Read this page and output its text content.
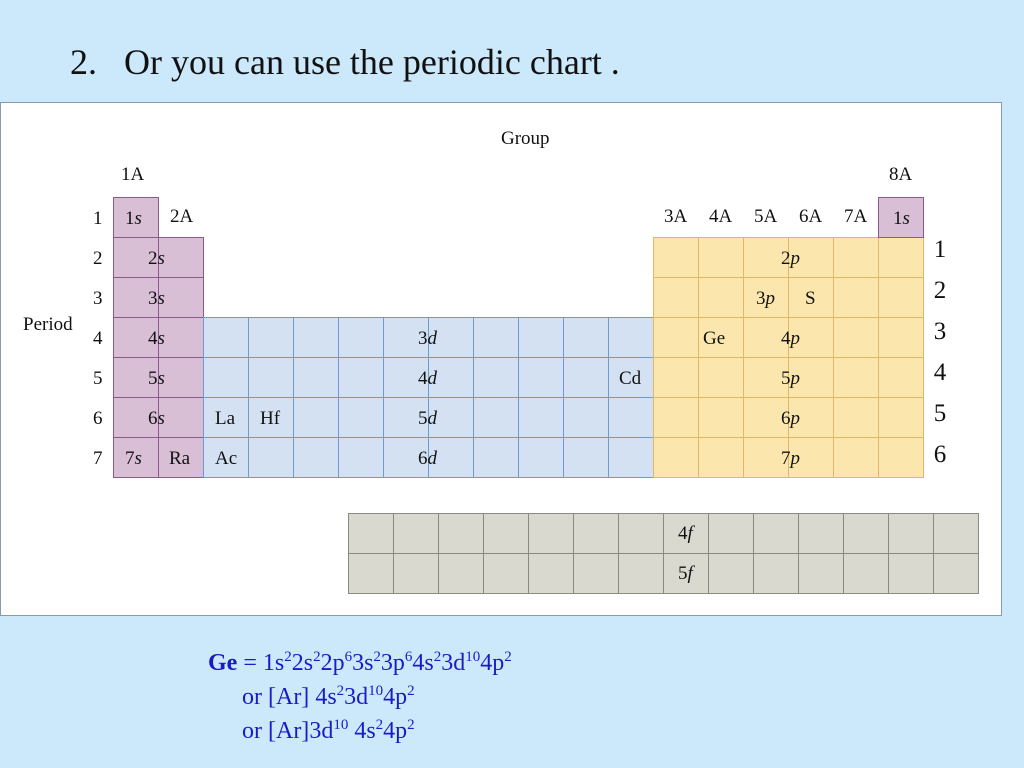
2.   Or you can use the periodic chart .
Group
Period
1A	8A
2A	3A 4A 5A 6A 7A
1
2
3
4
5
6
7
1s
2s
3s
4s
5s
6s
7s
1s
3d
4d
5d
6d
2p
3p
4p
5p
6p
7p
4f
5f
Ra
La Hf
Ac
Cd
Ge
S
1
2
3
4
5
6
$Ge = 1s^22s^22p^63s^23p^64s^23d^{10}4p^2$
or [Ar] $4s^23d^{10}4p^2$
or $[Ar]3d^{10}$ $4s^24p^2$
